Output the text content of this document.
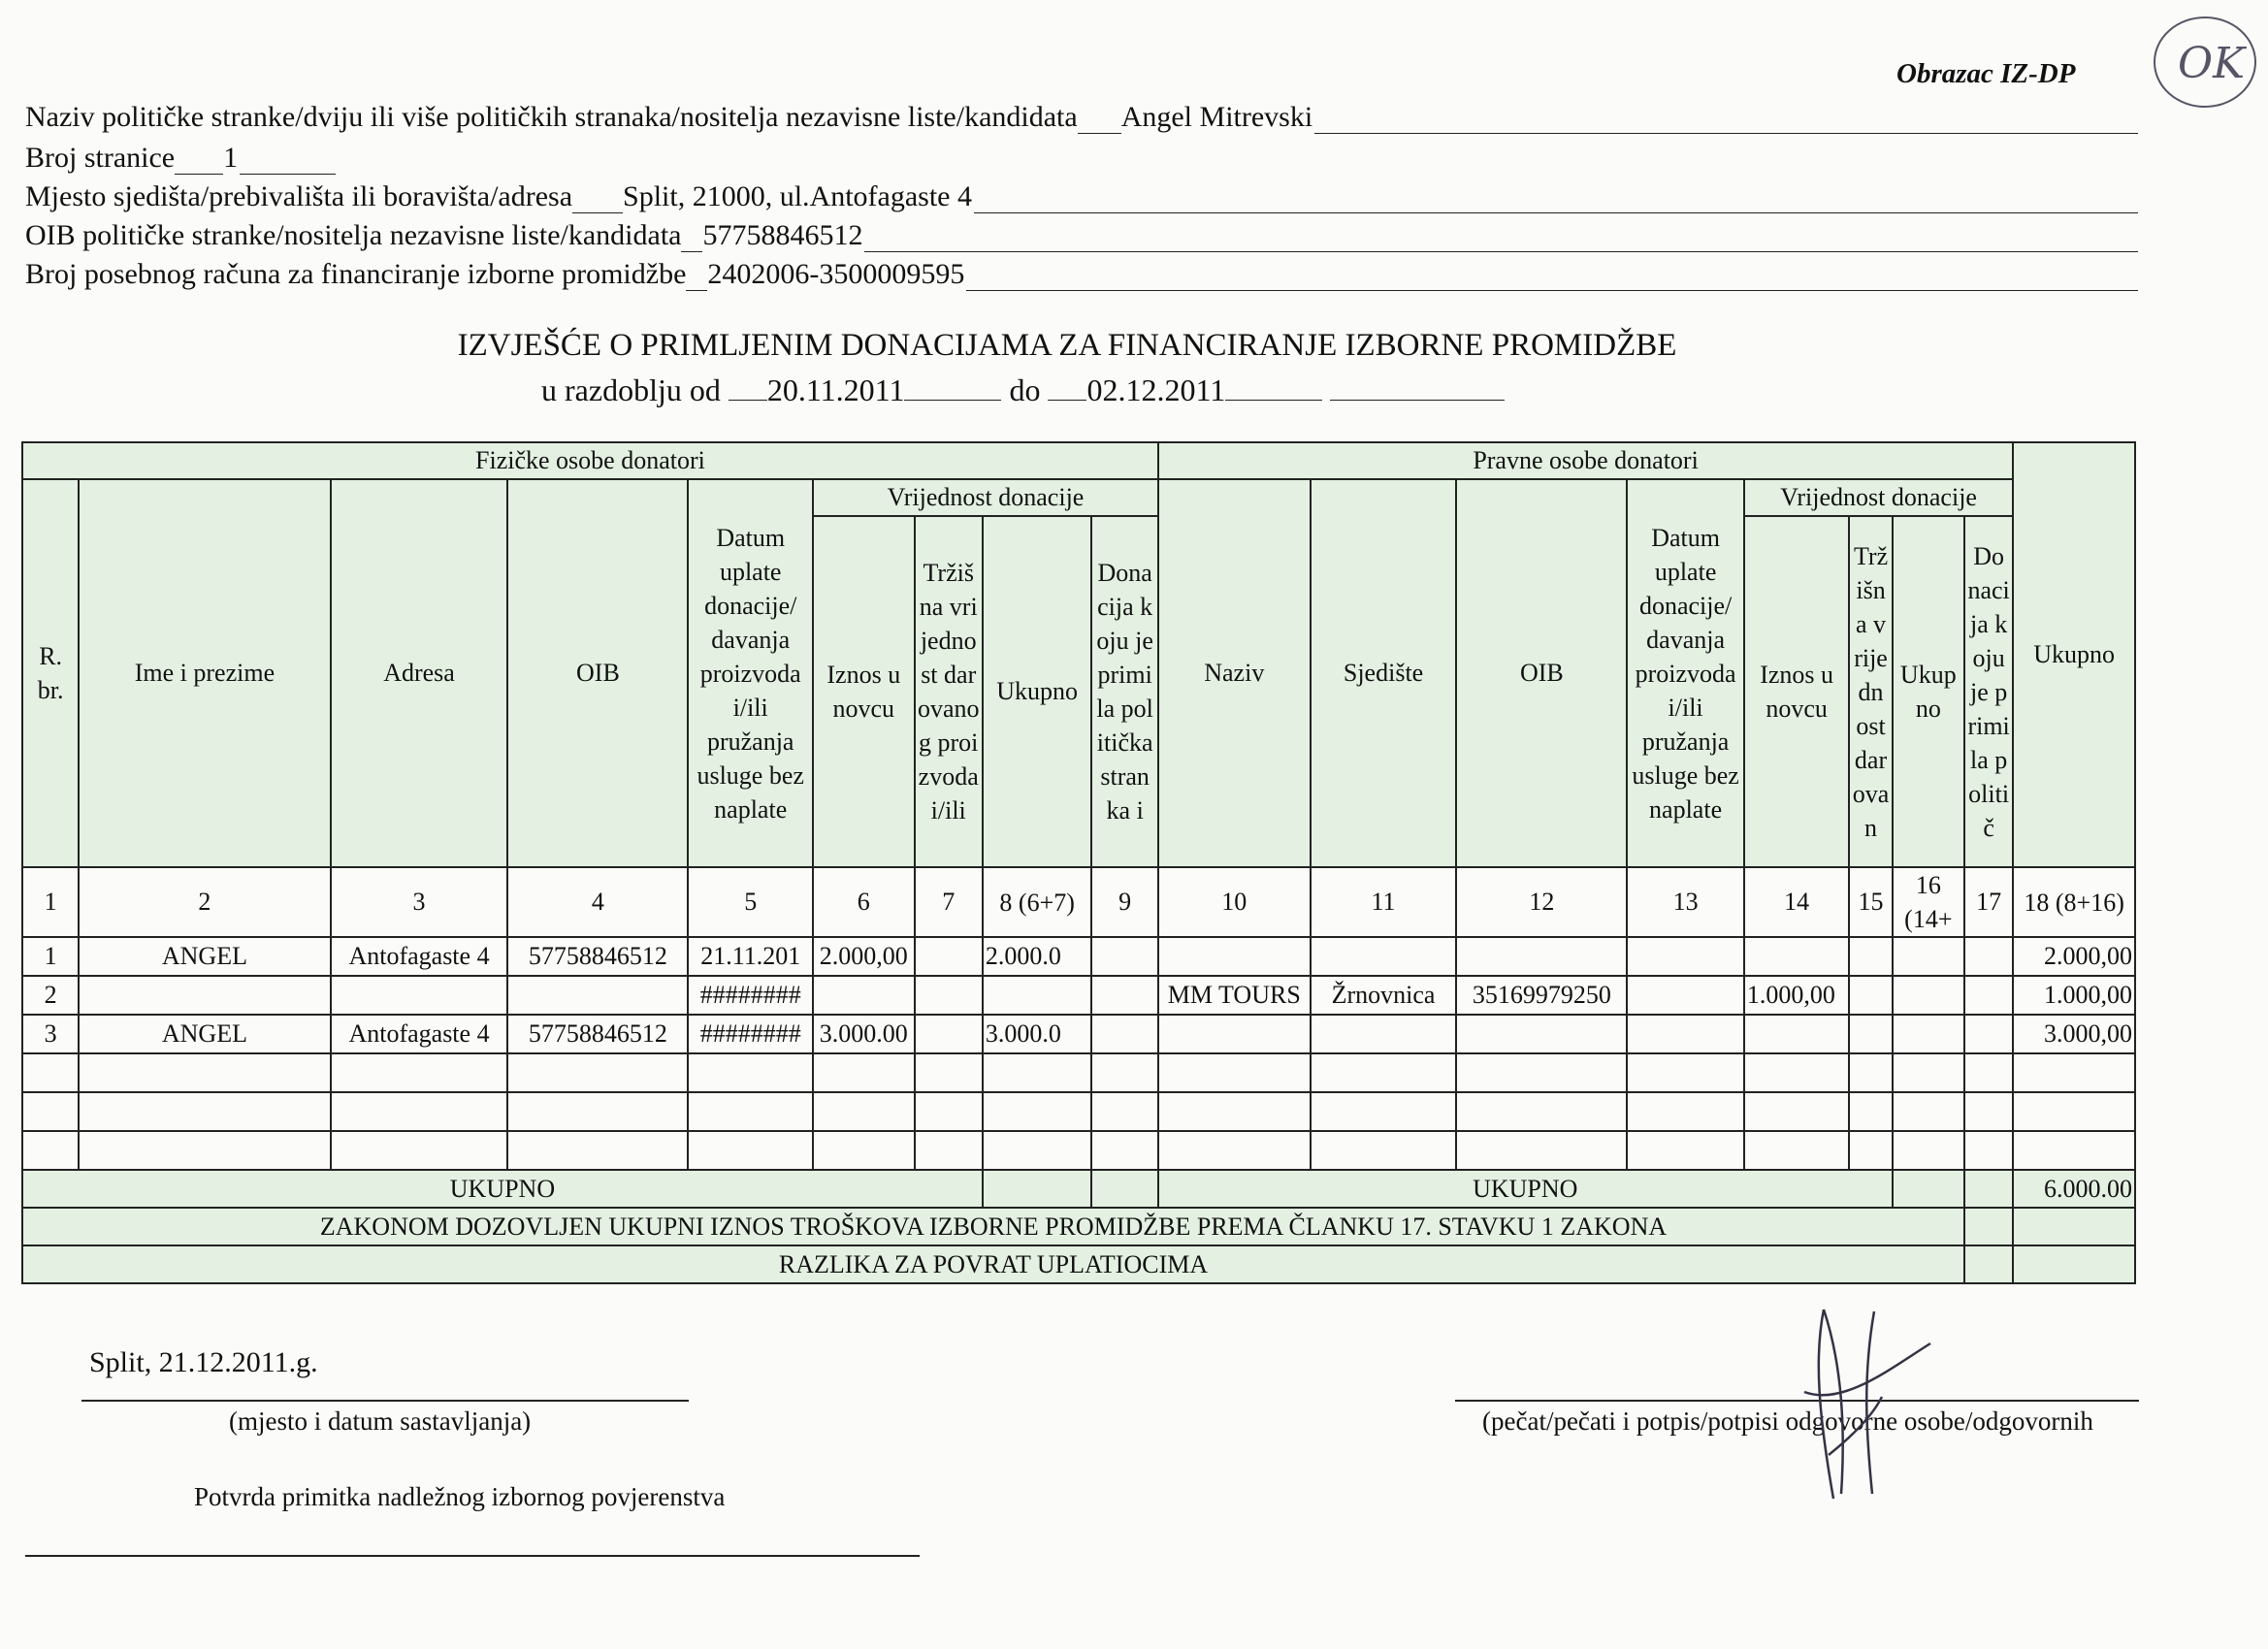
Obrazac IZ-DP OK
Naziv političke stranke/dviju ili više političkih stranaka/nositelja nezavisne liste/kandidata Angel Mitrevski
Broj stranice 1
Mjesto sjedišta/prebivališta ili boravišta/adresa Split, 21000, ul.Antofagaste 4
OIB političke stranke/nositelja nezavisne liste/kandidata 57758846512
Broj posebnog računa za financiranje izborne promidžbe 2402006-3500009595
IZVJEŠĆE O PRIMLJENIM DONACIJAMA ZA FINANCIRANJE IZBORNE PROMIDŽBE
u razdoblju od 20.11.2011	do 02.12.2011
Fizičke osobe donatori									Pravne osobe donatori								Ukupno
R. br.	Ime i prezime	Adresa	OIB	Datum uplate donacije/ davanja proizvoda i/ili pružanja usluge bez naplate	Vrijednost donacije				Naziv	Sjedište	OIB	Datum uplate donacije/ davanja proizvoda i/ili pružanja usluge bez naplate	Vrijednost donacije				
					Iznos u novcu	Tržišna vrijednost darovanog proizvoda i/ili	Ukupno	Donacija koju je primila politička stranka i					Iznos u novcu	Tržišna vrijednost darovan	Ukupno	Donacija koju je primila politič	
1	2	3	4	5	6	7	8 (6+7)	9	10	11	12	13	14	15	16 (14+	17	18 (8+16)
1	ANGEL	Antofagaste 4	57758846512	21.11.201	2.000,00		2.000.0										2.000,00
2				########					MM TOURS	Žrnovnica	35169979250		1.000,00				1.000,00
3	ANGEL	Antofagaste 4	57758846512	########	3.000.00		3.000.0										3.000,00

UKUPNO									UKUPNO								6.000.00
ZAKONOM DOZOVLJEN UKUPNI IZNOS TROŠKOVA IZBORNE PROMIDŽBE PREMA ČLANKU 17. STAVKU 1 ZAKONA																	
RAZLIKA ZA POVRAT UPLATIOCIMA																	
Split, 21.12.2011.g.
(mjesto i datum sastavljanja)	(pečat/pečati i potpis/potpisi odgovorne osobe/odgovornih
Potvrda primitka nadležnog izbornog povjerenstva
